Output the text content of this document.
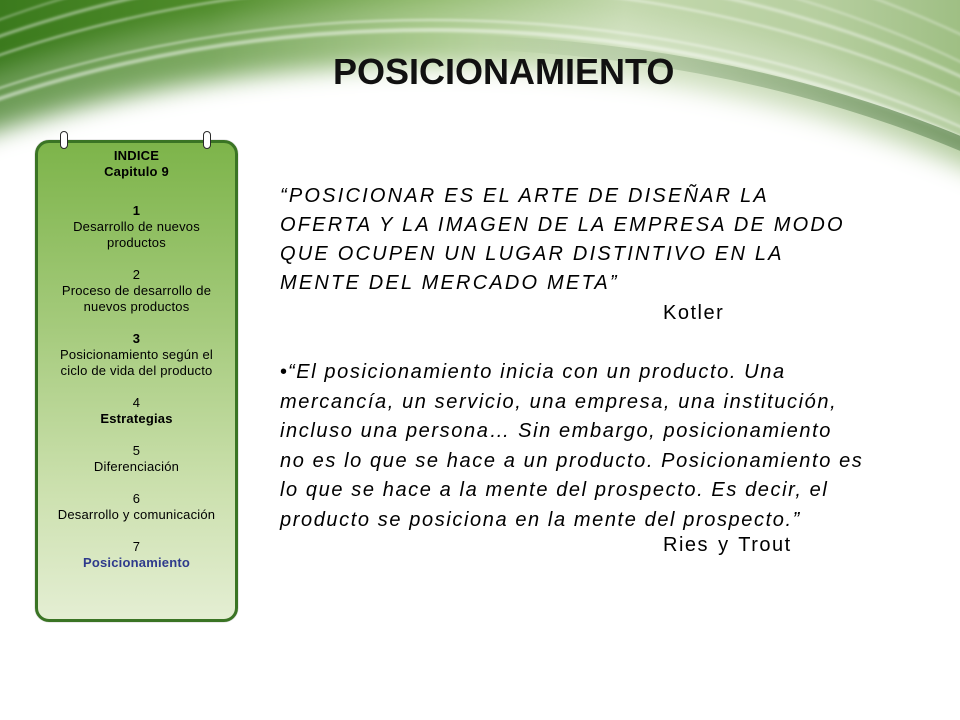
POSICIONAMIENTO
INDICE
Capitulo 9
1
Desarrollo de nuevos productos
2
Proceso de desarrollo de nuevos productos
3
Posicionamiento según el ciclo de vida del producto
4
Estrategias
5
Diferenciación
6
Desarrollo y comunicación
7
Posicionamiento
“POSICIONAR ES EL ARTE DE DISEÑAR LA
OFERTA Y LA IMAGEN DE LA EMPRESA DE MODO
QUE OCUPEN UN LUGAR DISTINTIVO EN LA
MENTE DEL MERCADO META”
Kotler
•“El posicionamiento inicia con un producto. Una
mercancía, un servicio, una empresa, una institución,
incluso una persona… Sin embargo, posicionamiento
no es lo que se hace a un producto. Posicionamiento es
lo que se hace a la mente del prospecto. Es decir, el
producto se posiciona en la mente del prospecto.”
Ries y Trout
